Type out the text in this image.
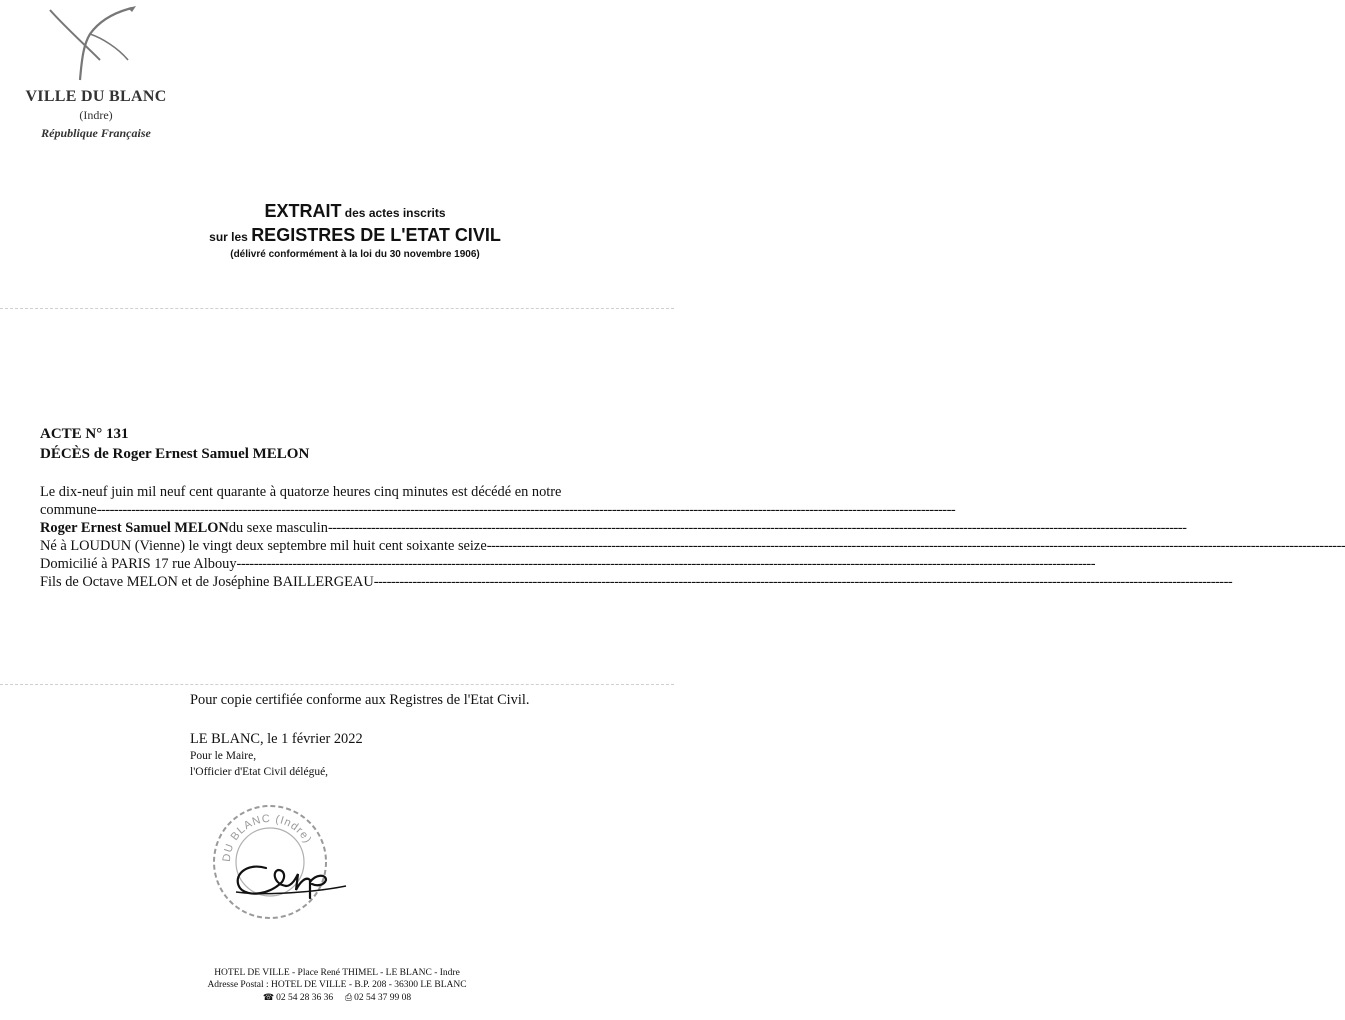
VILLE DU BLANC
(Indre)
République Française
EXTRAIT des actes inscrits
sur les REGISTRES DE L'ETAT CIVIL
(délivré conformément à la loi du 30 novembre 1906)
ACTE N° 131
DÉCÈS de Roger Ernest Samuel MELON
Le dix-neuf juin mil neuf cent quarante à quatorze heures cinq minutes est décédé en notre
commune --------------------------------------------------------------------------------------------------------------------------------------------------------------------------------------------------------
Roger Ernest Samuel MELON du sexe masculin --------------------------------------------------------------------------------------------------------------------------------------------------------------------------------------------------------
Né à LOUDUN (Vienne) le vingt deux septembre mil huit cent soixante seize --------------------------------------------------------------------------------------------------------------------------------------------------------------------------------------------------------
Domicilié à PARIS 17 rue Albouy --------------------------------------------------------------------------------------------------------------------------------------------------------------------------------------------------------
Fils de Octave MELON et de Joséphine BAILLERGEAU --------------------------------------------------------------------------------------------------------------------------------------------------------------------------------------------------------
Pour copie certifiée conforme aux Registres de l'Etat Civil.
LE BLANC, le 1 février 2022
Pour le Maire,
l'Officier d'Etat Civil délégué,
DU BLANC (Indre)
HOTEL DE VILLE - Place René THIMEL - LE BLANC - Indre
Adresse Postal : HOTEL DE VILLE - B.P. 208 - 36300 LE BLANC
☎ 02 54 28 36 36 ⎙ 02 54 37 99 08
